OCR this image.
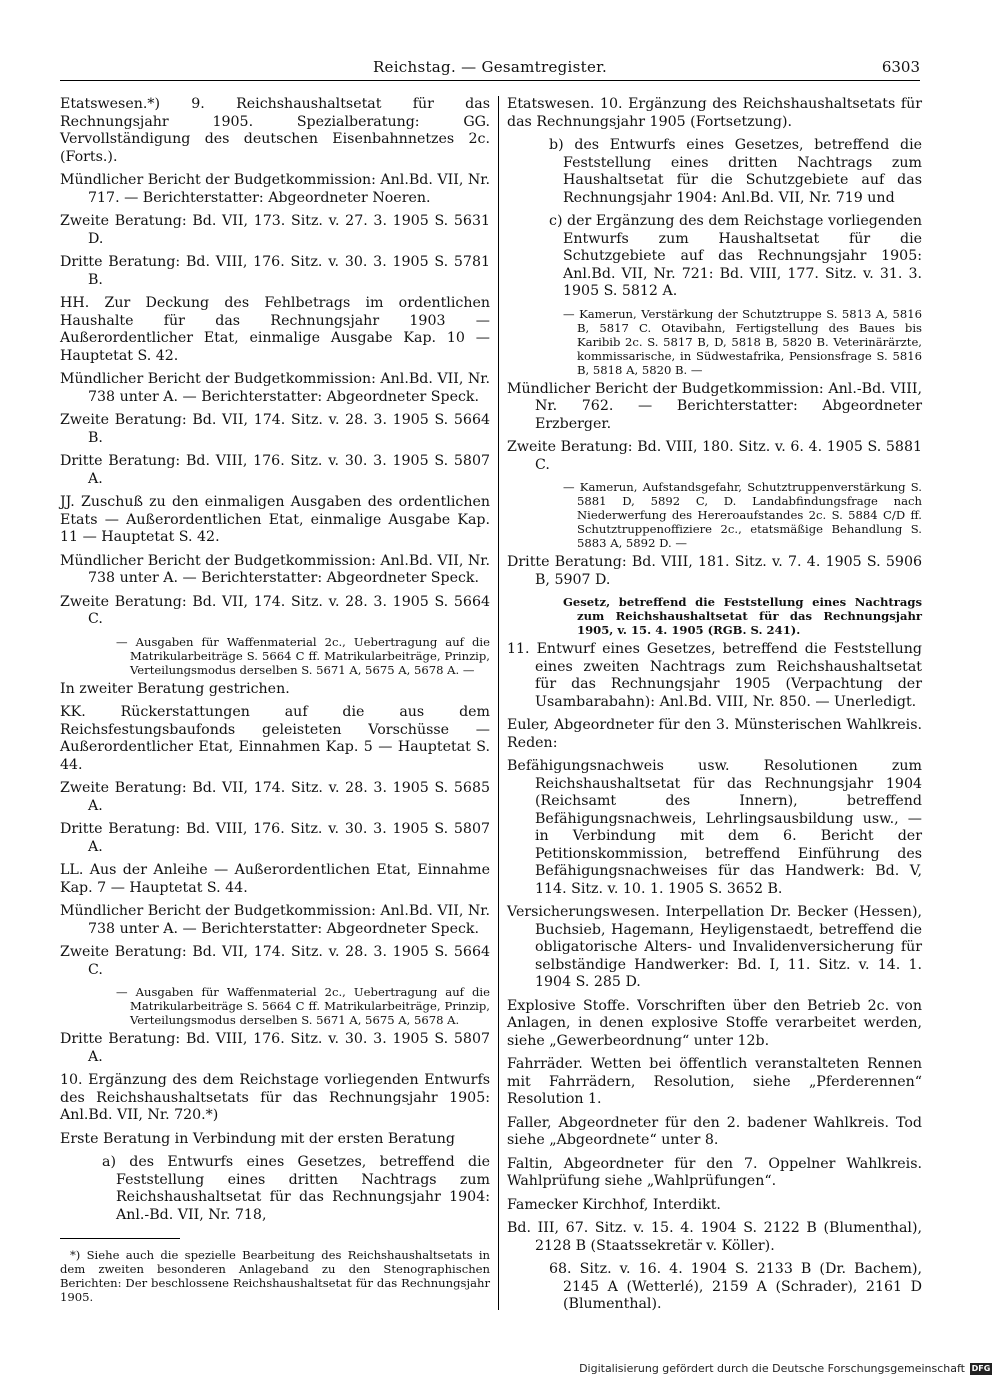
Reichstag. — Gesamtregister.	6303

Etatswesen.*) 9. Reichshaushaltsetat für das Rechnungsjahr 1905. Spezialberatung: GG. Vervollständigung des deutschen Eisenbahnnetzes 2c. (Forts.).

Mündlicher Bericht der Budgetkommission: Anl.Bd. VII, Nr. 717. — Berichterstatter: Abgeordneter Noeren.

Zweite Beratung: Bd. VII, 173. Sitz. v. 27. 3. 1905 S. 5631 D.

Dritte Beratung: Bd. VIII, 176. Sitz. v. 30. 3. 1905 S. 5781 B.

HH. Zur Deckung des Fehlbetrags im ordentlichen Haushalte für das Rechnungsjahr 1903 — Außerordentlicher Etat, einmalige Ausgabe Kap. 10 — Hauptetat S. 42.

Mündlicher Bericht der Budgetkommission: Anl.Bd. VII, Nr. 738 unter A. — Berichterstatter: Abgeordneter Speck.

Zweite Beratung: Bd. VII, 174. Sitz. v. 28. 3. 1905 S. 5664 B.

Dritte Beratung: Bd. VIII, 176. Sitz. v. 30. 3. 1905 S. 5807 A.

JJ. Zuschuß zu den einmaligen Ausgaben des ordentlichen Etats — Außerordentlichen Etat, einmalige Ausgabe Kap. 11 — Hauptetat S. 42.

Mündlicher Bericht der Budgetkommission: Anl.Bd. VII, Nr. 738 unter A. — Berichterstatter: Abgeordneter Speck.

Zweite Beratung: Bd. VII, 174. Sitz. v. 28. 3. 1905 S. 5664 C.

— Ausgaben für Waffenmaterial 2c., Uebertragung auf die Matrikularbeiträge S. 5664 C ff. Matrikularbeiträge, Prinzip, Verteilungsmodus derselben S. 5671 A, 5675 A, 5678 A. —

In zweiter Beratung gestrichen.

KK. Rückerstattungen auf die aus dem Reichsfestungsbaufonds geleisteten Vorschüsse — Außerordentlicher Etat, Einnahmen Kap. 5 — Hauptetat S. 44.

Zweite Beratung: Bd. VII, 174. Sitz. v. 28. 3. 1905 S. 5685 A.

Dritte Beratung: Bd. VIII, 176. Sitz. v. 30. 3. 1905 S. 5807 A.

LL. Aus der Anleihe — Außerordentlichen Etat, Einnahme Kap. 7 — Hauptetat S. 44.

Mündlicher Bericht der Budgetkommission: Anl.Bd. VII, Nr. 738 unter A. — Berichterstatter: Abgeordneter Speck.

Zweite Beratung: Bd. VII, 174. Sitz. v. 28. 3. 1905 S. 5664 C.

— Ausgaben für Waffenmaterial 2c., Uebertragung auf die Matrikularbeiträge S. 5664 C ff. Matrikularbeiträge, Prinzip, Verteilungsmodus derselben S. 5671 A, 5675 A, 5678 A.

Dritte Beratung: Bd. VIII, 176. Sitz. v. 30. 3. 1905 S. 5807 A.

10. Ergänzung des dem Reichstage vorliegenden Entwurfs des Reichshaushaltsetats für das Rechnungsjahr 1905: Anl.Bd. VII, Nr. 720.*)

Erste Beratung in Verbindung mit der ersten Beratung

a) des Entwurfs eines Gesetzes, betreffend die Feststellung eines dritten Nachtrags zum Reichshaushaltsetat für das Rechnungsjahr 1904: Anl.-Bd. VII, Nr. 718,

Etatswesen. 10. Ergänzung des Reichshaushaltsetats für das Rechnungsjahr 1905 (Fortsetzung).

b) des Entwurfs eines Gesetzes, betreffend die Feststellung eines dritten Nachtrags zum Haushaltsetat für die Schutzgebiete auf das Rechnungsjahr 1904: Anl.Bd. VII, Nr. 719 und

c) der Ergänzung des dem Reichstage vorliegenden Entwurfs zum Haushaltsetat für die Schutzgebiete auf das Rechnungsjahr 1905: Anl.Bd. VII, Nr. 721: Bd. VIII, 177. Sitz. v. 31. 3. 1905 S. 5812 A.

— Kamerun, Verstärkung der Schutztruppe S. 5813 A, 5816 B, 5817 C. Otavibahn, Fertigstellung des Baues bis Karibib 2c. S. 5817 B, D, 5818 B, 5820 B. Veterinärärzte, kommissarische, in Südwestafrika, Pensionsfrage S. 5816 B, 5818 A, 5820 B. —

Mündlicher Bericht der Budgetkommission: Anl.-Bd. VIII, Nr. 762. — Berichterstatter: Abgeordneter Erzberger.

Zweite Beratung: Bd. VIII, 180. Sitz. v. 6. 4. 1905 S. 5881 C.

— Kamerun, Aufstandsgefahr, Schutztruppenverstärkung S. 5881 D, 5892 C, D. Landabfindungsfrage nach Niederwerfung des Hereroaufstandes 2c. S. 5884 C/D ff. Schutztruppenoffiziere 2c., etatsmäßige Behandlung S. 5883 A, 5892 D. —

Dritte Beratung: Bd. VIII, 181. Sitz. v. 7. 4. 1905 S. 5906 B, 5907 D.

Gesetz, betreffend die Feststellung eines Nachtrags zum Reichshaushaltsetat für das Rechnungsjahr 1905, v. 15. 4. 1905 (RGB. S. 241).

11. Entwurf eines Gesetzes, betreffend die Feststellung eines zweiten Nachtrags zum Reichshaushaltsetat für das Rechnungsjahr 1905 (Verpachtung der Usambarabahn): Anl.Bd. VIII, Nr. 850. — Unerledigt.

Euler, Abgeordneter für den 3. Münsterischen Wahlkreis. Reden:

Befähigungsnachweis usw. Resolutionen zum Reichshaushaltsetat für das Rechnungsjahr 1904 (Reichsamt des Innern), betreffend Befähigungsnachweis, Lehrlingsausbildung usw., — in Verbindung mit dem 6. Bericht der Petitionskommission, betreffend Einführung des Befähigungsnachweises für das Handwerk: Bd. V, 114. Sitz. v. 10. 1. 1905 S. 3652 B.

Versicherungswesen. Interpellation Dr. Becker (Hessen), Buchsieb, Hagemann, Heyligenstaedt, betreffend die obligatorische Alters- und Invalidenversicherung für selbständige Handwerker: Bd. I, 11. Sitz. v. 14. 1. 1904 S. 285 D.

Explosive Stoffe. Vorschriften über den Betrieb 2c. von Anlagen, in denen explosive Stoffe verarbeitet werden, siehe „Gewerbeordnung“ unter 12b.

Fahrräder. Wetten bei öffentlich veranstalteten Rennen mit Fahrrädern, Resolution, siehe „Pferderennen“ Resolution 1.

Faller, Abgeordneter für den 2. badener Wahlkreis. Tod siehe „Abgeordnete“ unter 8.

Faltin, Abgeordneter für den 7. Oppelner Wahlkreis. Wahlprüfung siehe „Wahlprüfungen“.

Famecker Kirchhof, Interdikt.

Bd. III, 67. Sitz. v. 15. 4. 1904 S. 2122 B (Blumenthal), 2128 B (Staatssekretär v. Köller).

68. Sitz. v. 16. 4. 1904 S. 2133 B (Dr. Bachem), 2145 A (Wetterlé), 2159 A (Schrader), 2161 D (Blumenthal).

*) Siehe auch die spezielle Bearbeitung des Reichshaushaltsetats in dem zweiten besonderen Anlageband zu den Stenographischen Berichten: Der beschlossene Reichshaushaltsetat für das Rechnungsjahr 1905.
Digitalisierung gefördert durch die Deutsche Forschungsgemeinschaft DFG
